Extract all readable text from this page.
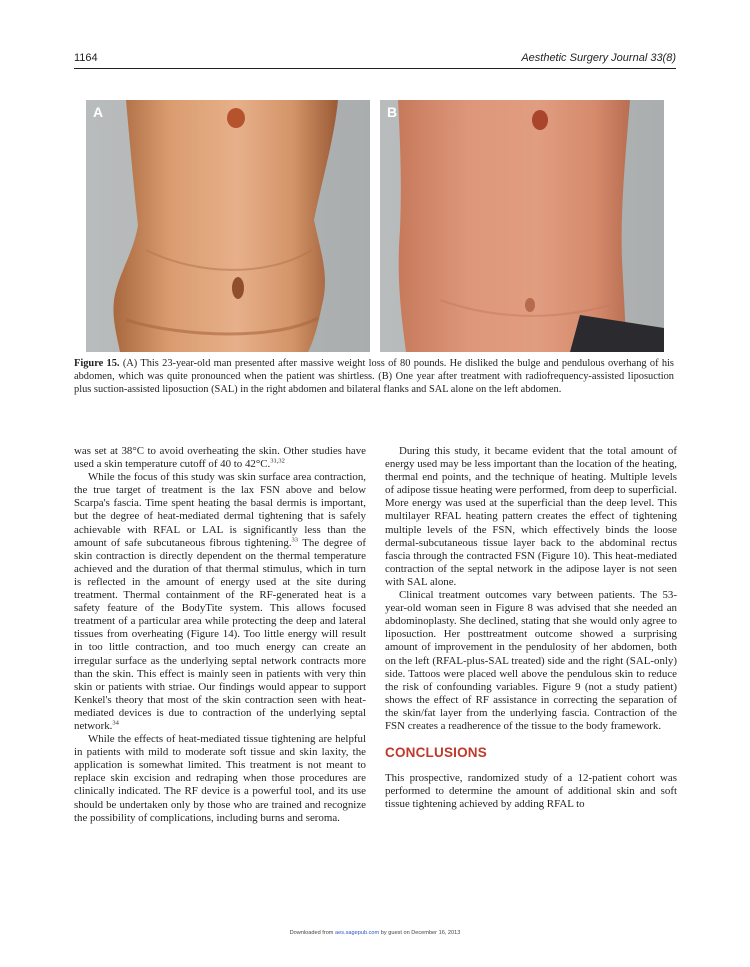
1164	Aesthetic Surgery Journal 33(8)
A	B
Figure 15. (A) This 23-year-old man presented after massive weight loss of 80 pounds. He disliked the bulge and pendulous overhang of his abdomen, which was quite pronounced when the patient was shirtless. (B) One year after treatment with radiofrequency-assisted liposuction plus suction-assisted liposuction (SAL) in the right abdomen and bilateral flanks and SAL alone on the left abdomen.

was set at 38°C to avoid overheating the skin. Other studies have used a skin temperature cutoff of 40 to 42°C.$^{31,32}$

While the focus of this study was skin surface area contraction, the true target of treatment is the lax FSN above and below Scarpa's fascia. Time spent heating the basal dermis is important, but the degree of heat-mediated dermal tightening that is safely achievable with RFAL or LAL is significantly less than the amount of safe subcutaneous fibrous tightening.$^{33}$ The degree of skin contraction is directly dependent on the thermal temperature achieved and the duration of that thermal stimulus, which in turn is reflected in the amount of energy used at the site during treatment. Thermal containment of the RF-generated heat is a safety feature of the BodyTite system. This allows focused treatment of a particular area while protecting the deep and lateral tissues from overheating (Figure 14). Too little energy will result in too little contraction, and too much energy can create an irregular surface as the underlying septal network contracts more than the skin. This effect is mainly seen in patients with very thin skin or patients with striae. Our findings would appear to support Kenkel's theory that most of the skin contraction seen with heat-mediated devices is due to contraction of the underlying septal network.$^{34}$

While the effects of heat-mediated tissue tightening are helpful in patients with mild to moderate soft tissue and skin laxity, the application is somewhat limited. This treatment is not meant to replace skin excision and redraping when those procedures are clinically indicated. The RF device is a powerful tool, and its use should be undertaken only by those who are trained and recognize the possibility of complications, including burns and seroma.

During this study, it became evident that the total amount of energy used may be less important than the location of the heating, thermal end points, and the technique of heating. Multiple levels of adipose tissue heating were performed, from deep to superficial. More energy was used at the superficial than the deep level. This multilayer RFAL heating pattern creates the effect of tightening multiple levels of the FSN, which effectively binds the loose dermal-subcutaneous tissue layer back to the abdominal rectus fascia through the contracted FSN (Figure 10). This heat-mediated contraction of the septal network in the adipose layer is not seen with SAL alone.

Clinical treatment outcomes vary between patients. The 53-year-old woman seen in Figure 8 was advised that she needed an abdominoplasty. She declined, stating that she would only agree to liposuction. Her posttreatment outcome showed a surprising amount of improvement in the pendulosity of her abdomen, both on the left (RFAL-plus-SAL treated) side and the right (SAL-only) side. Tattoos were placed well above the pendulous skin to reduce the risk of confounding variables. Figure 9 (not a study patient) shows the effect of RF assistance in correcting the separation of the skin/fat layer from the underlying fascia. Contraction of the FSN creates a readherence of the tissue to the body framework.

CONCLUSIONS

This prospective, randomized study of a 12-patient cohort was performed to determine the amount of additional skin and soft tissue tightening achieved by adding RFAL to

Downloaded from aes.sagepub.com by guest on December 16, 2013
